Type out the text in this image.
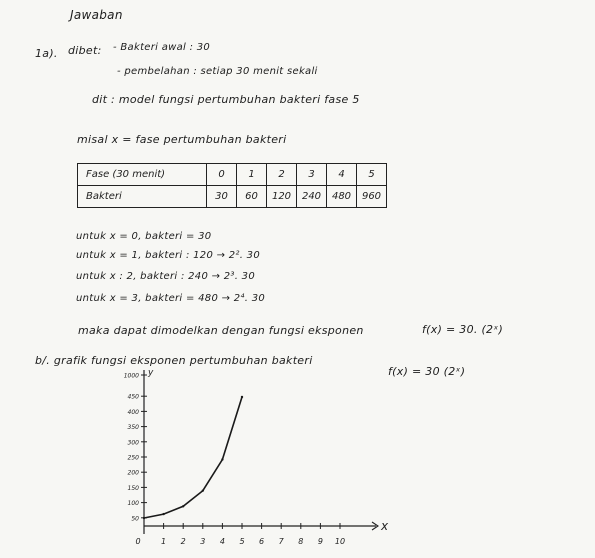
Jawaban
1a). dibet: - Bakteri awal : 30
- pembelahan : setiap 30 menit sekali
dit : model fungsi pertumbuhan bakteri fase 5
misal x = fase pertumbuhan bakteri
Fase (30 menit)	0	1	2	3	4	5
Bakteri	30	60	120	240	480	960
untuk x = 0, bakteri = 30
untuk x = 1, bakteri : 120 → 2². 30
untuk x : 2, bakteri : 240 → 2³. 30
untuk x = 3, bakteri = 480 → 2⁴. 30
maka dapat dimodelkan dengan fungsi eksponen	f(x) = 30. (2ˣ)
b/. grafik fungsi eksponen pertumbuhan bakteri
f(x) = 30 (2ˣ)
x
y
1000
450
400
350
300
250
200
150
100
50
0	1 2 3 4 5 6 7 8 9 10
